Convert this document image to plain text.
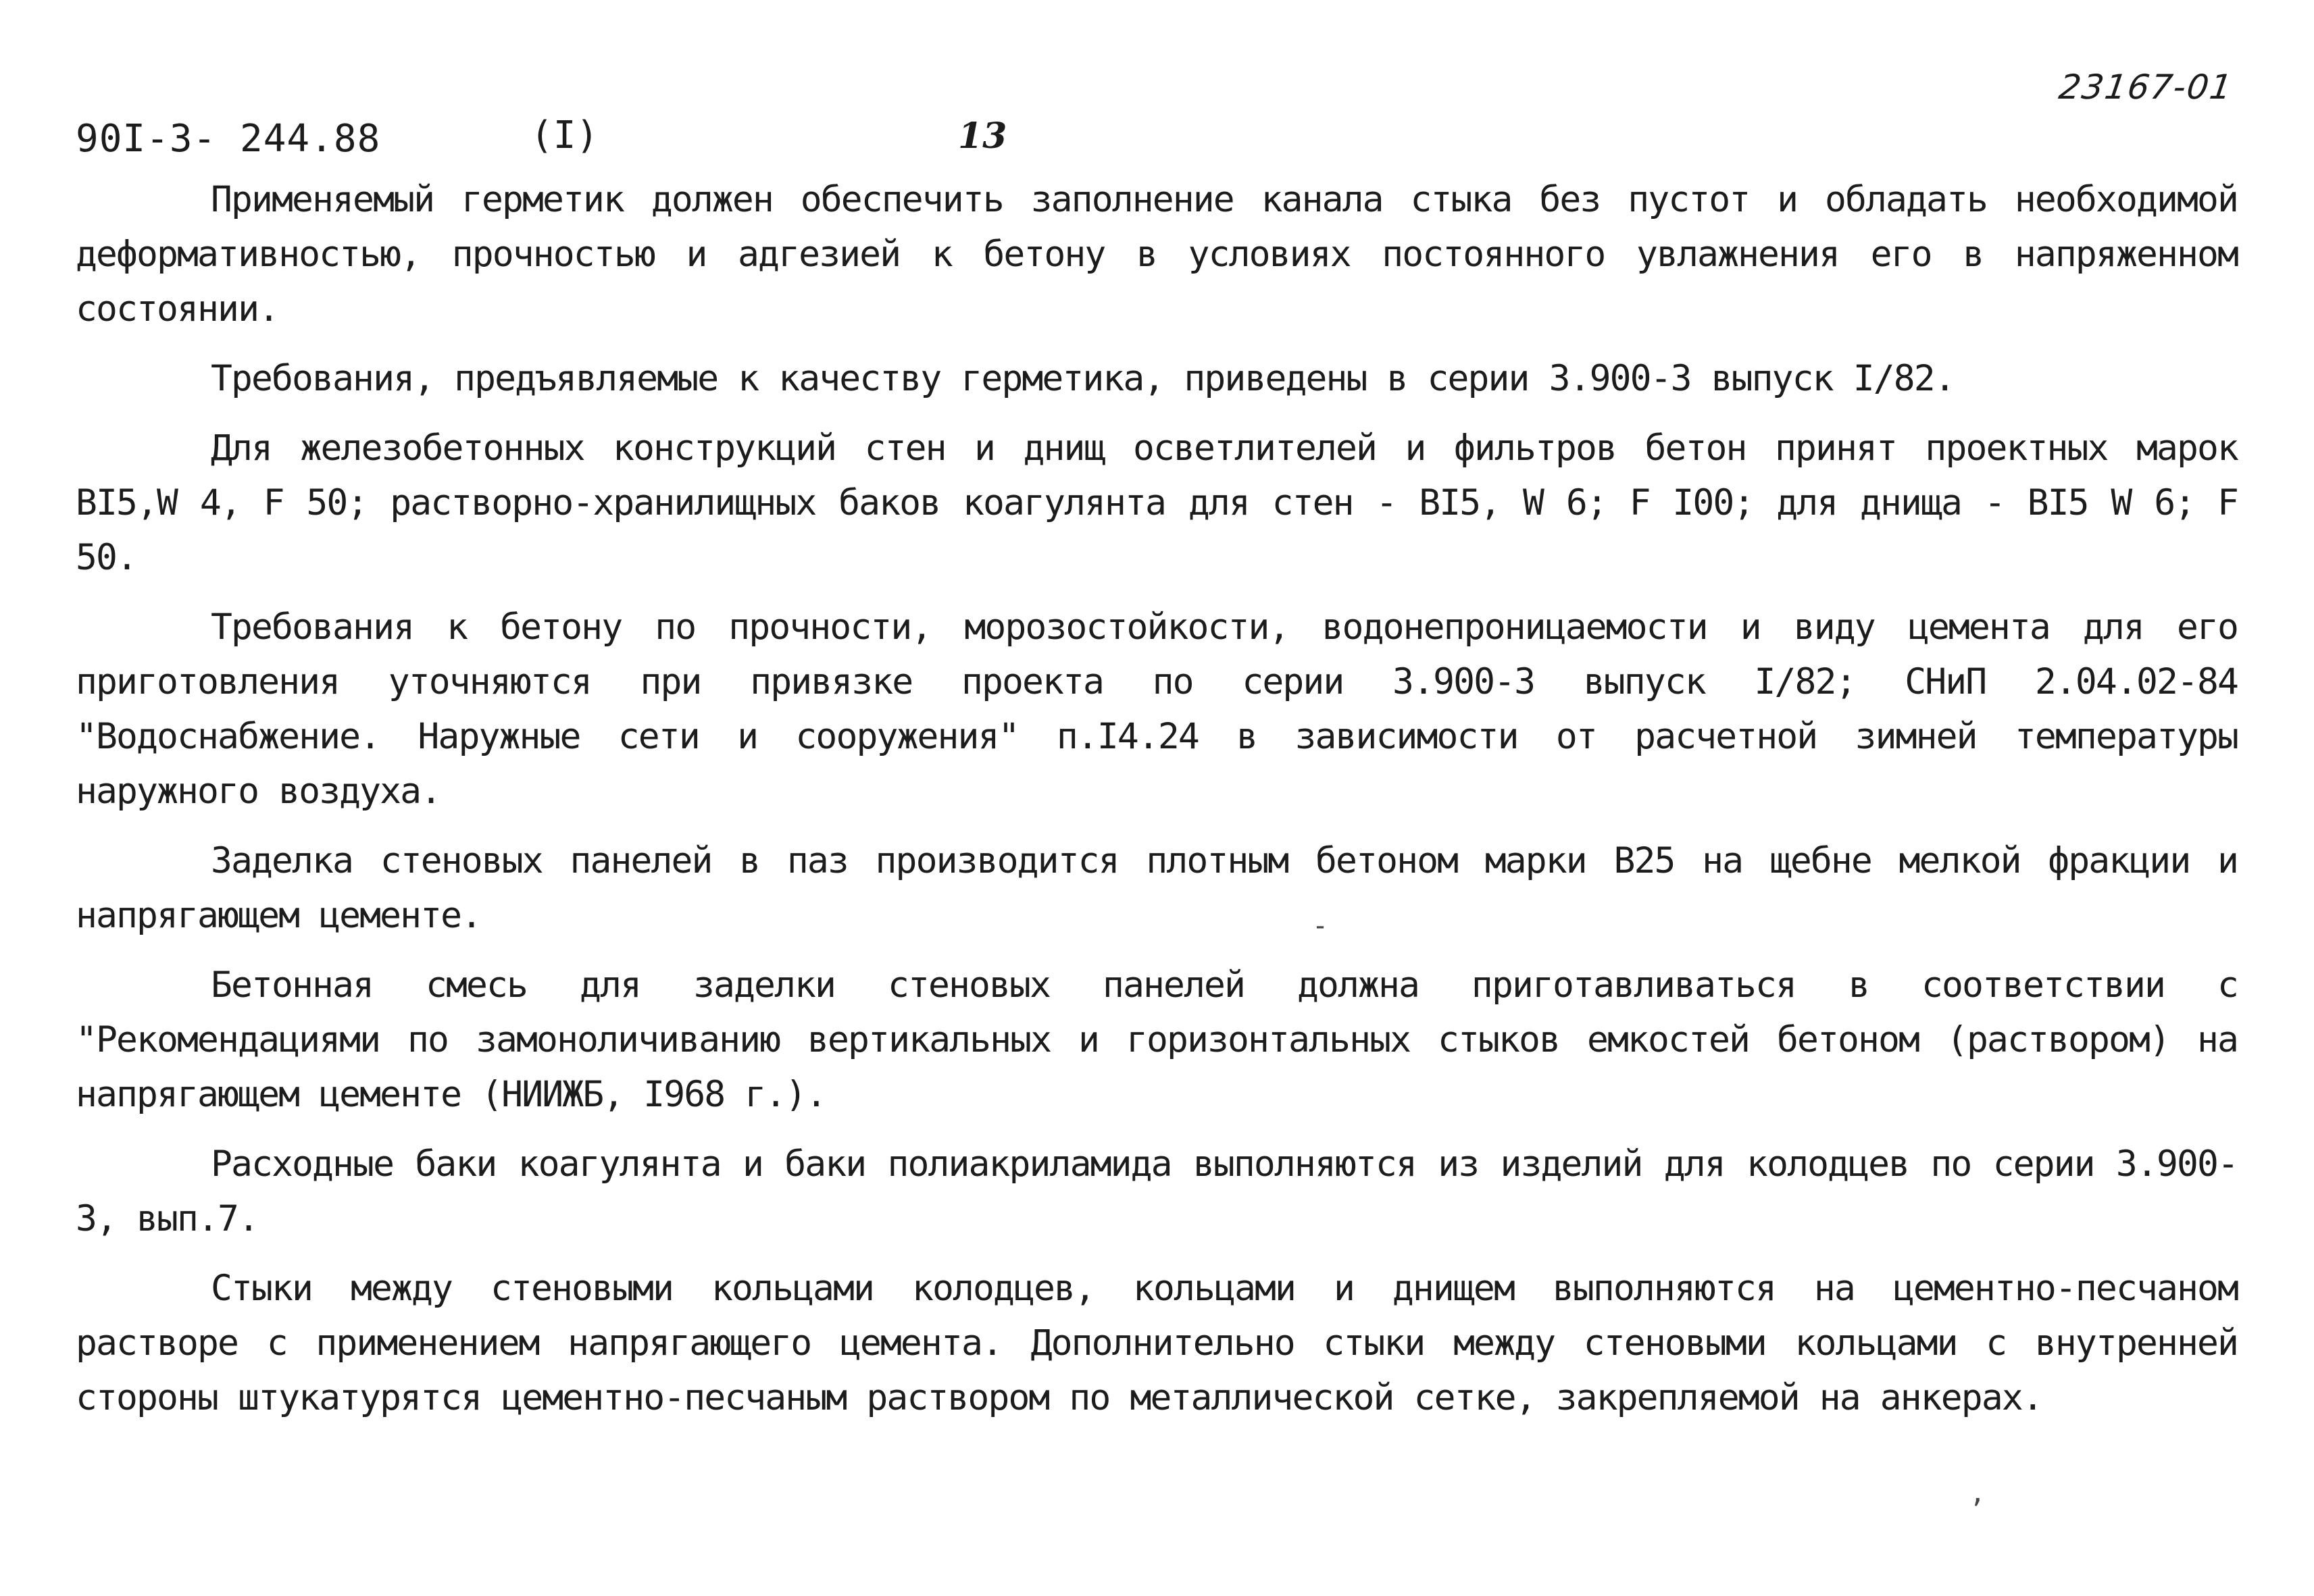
90I-3- 244.88	(I)	13
23167-01

Применяемый герметик должен обеспечить заполнение канала стыка без пустот и обладать необходимой деформативностью, прочностью и адгезией к бетону в условиях постоянного увлажнения его в напряженном состоянии.

Требования, предъявляемые к качеству герметика, приведены в серии 3.900-3 выпуск I/82.

Для железобетонных конструкций стен и днищ осветлителей и фильтров бетон принят проектных марок ВI5,W 4, F 50; растворно-хранилищных баков коагулянта для стен - ВI5, W 6; F I00; для днища - ВI5 W 6; F 50.

Требования к бетону по прочности, морозостойкости, водонепроницаемости и виду цемента для его приготовления уточняются при привязке проекта по серии 3.900-3 выпуск I/82; СНиП 2.04.02-84 "Водоснабжение. Наружные сети и сооружения" п.I4.24 в зависимости от расчетной зимней температуры наружного воздуха.

Заделка стеновых панелей в паз производится плотным бетоном марки В25 на щебне мелкой фракции и напрягающем цементе.

Бетонная смесь для заделки стеновых панелей должна приготавливаться в соответствии с "Рекомендациями по замоноличиванию вертикальных и горизонтальных стыков емкостей бетоном (раствором) на напрягающем цементе (НИИЖБ, I968 г.).

Расходные баки коагулянта и баки полиакриламида выполняются из изделий для колодцев по серии 3.900-3, вып.7.

Стыки между стеновыми кольцами колодцев, кольцами и днищем выполняются на цементно-песчаном растворе с применением напрягающего цемента. Дополнительно стыки между стеновыми кольцами с внутренней стороны штукатурятся цементно-песчаным раствором по металлической сетке, закрепляемой на анкерах.

-
,
